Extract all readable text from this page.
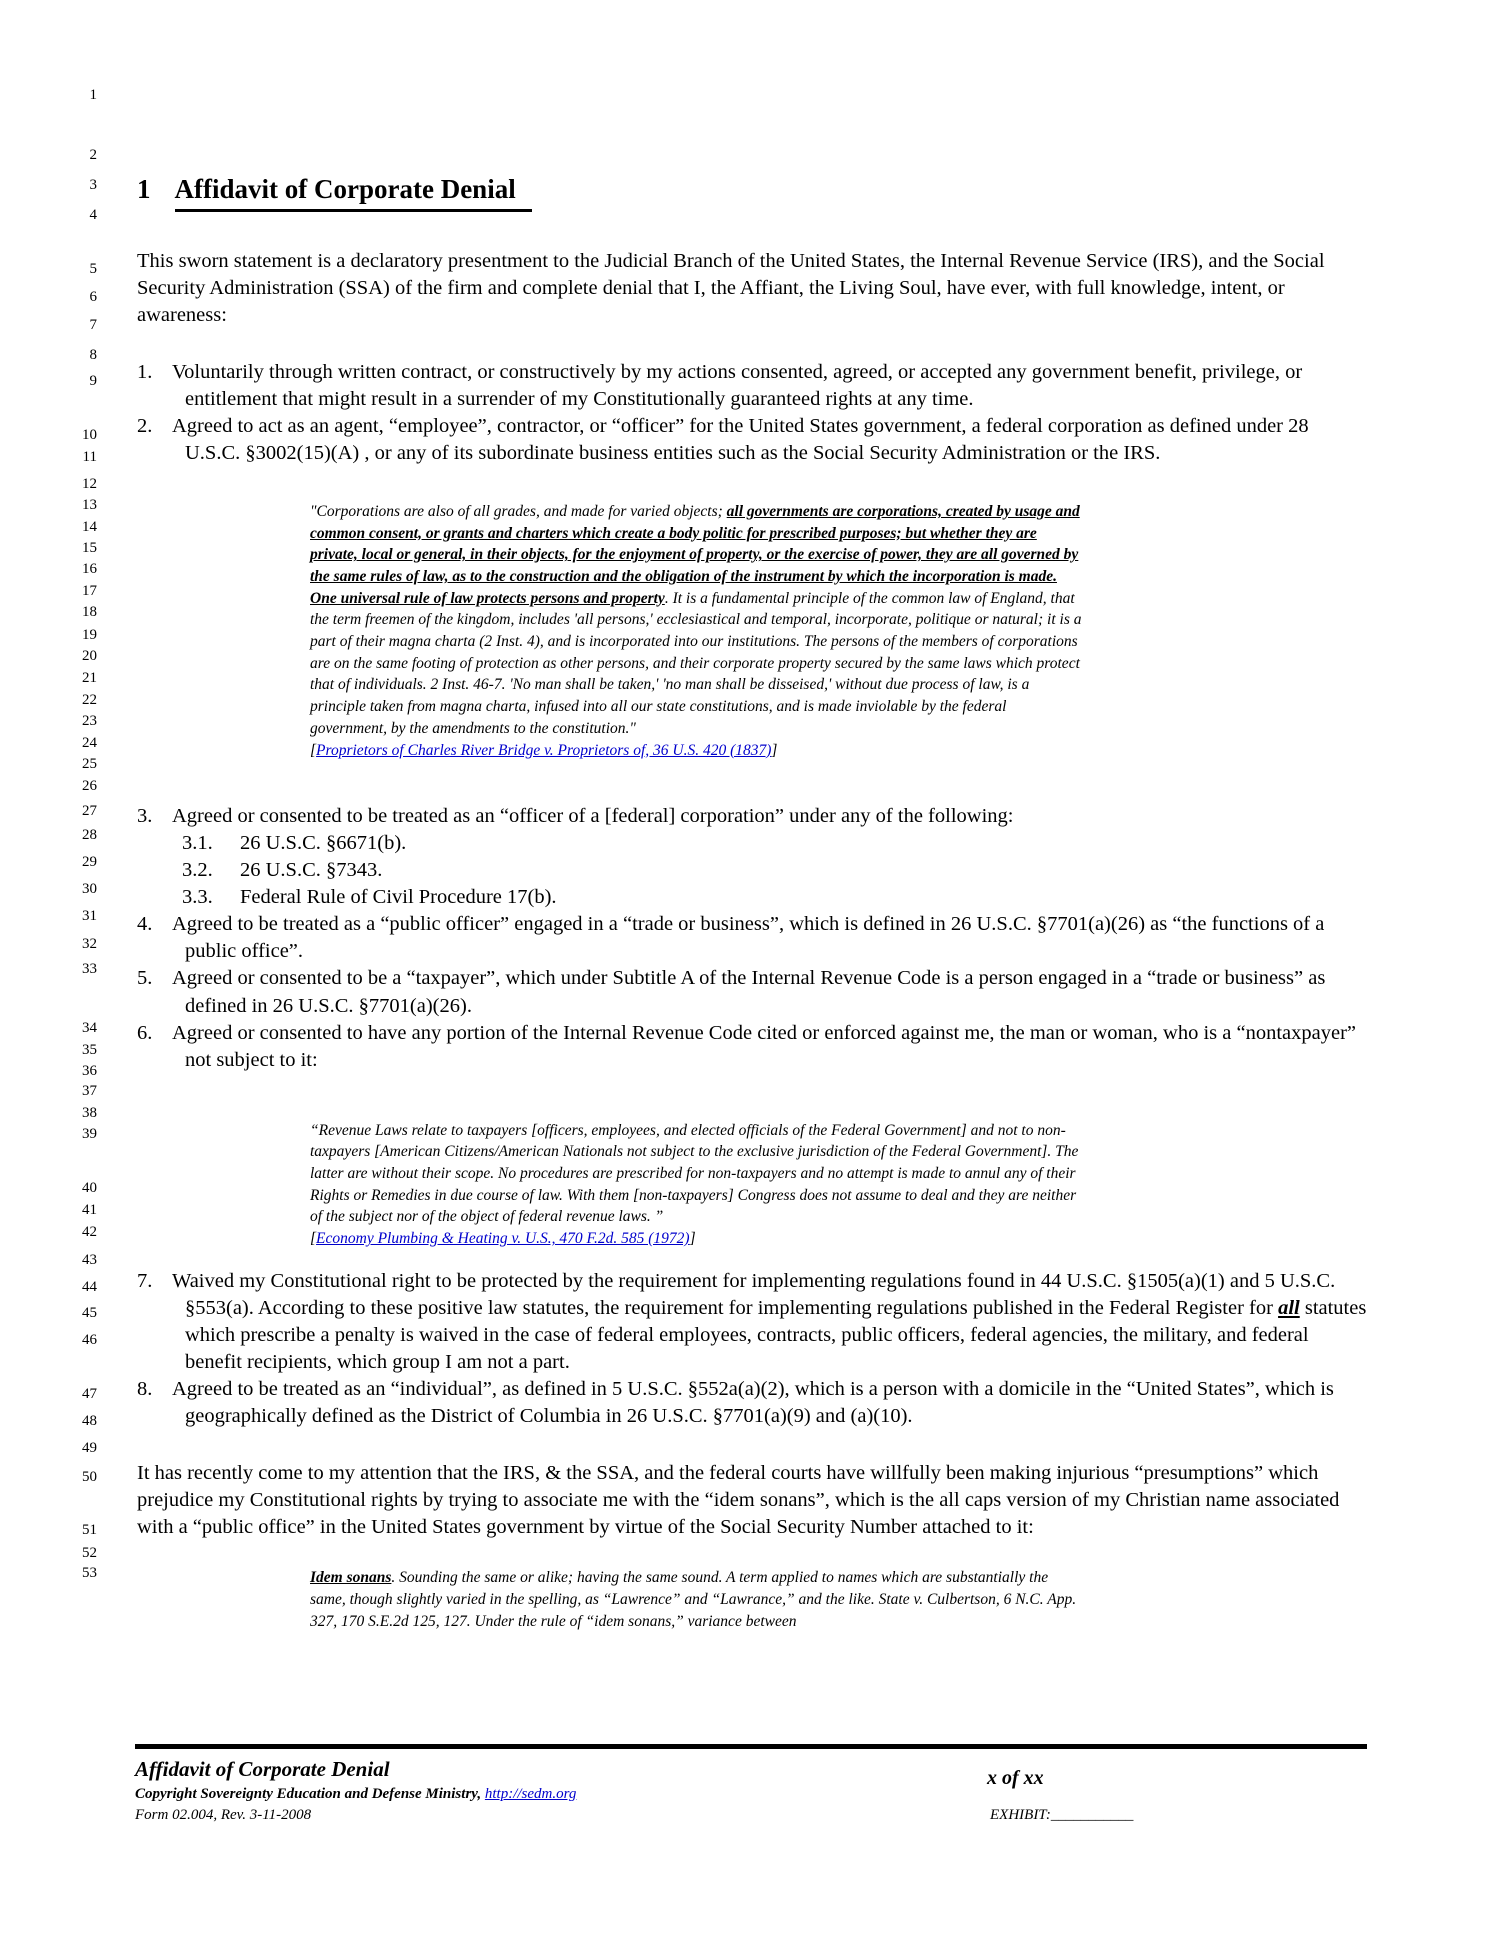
1
2
3
4
5
6
7
8
9
10
11
12
13
14
15
16
17
18
19
20
21
22
23
24
25
26
27
28
29
30
31
32
33
34
35
36
37
38
39
40
41
42
43
44
45
46
47
48
49
50
51
52
53
1 Affidavit of Corporate Denial

This sworn statement is a declaratory presentment to the Judicial Branch of the United States, the Internal Revenue Service (IRS), and the Social Security Administration (SSA) of the firm and complete denial that I, the Affiant, the Living Soul, have ever, with full knowledge, intent, or awareness:

1. Voluntarily through written contract, or constructively by my actions consented, agreed, or accepted any government benefit, privilege, or entitlement that might result in a surrender of my Constitutionally guaranteed rights at any time.
2. Agreed to act as an agent, “employee”, contractor, or “officer” for the United States government, a federal corporation as defined under 28 U.S.C. §3002(15)(A) , or any of its subordinate business entities such as the Social Security Administration or the IRS.
"Corporations are also of all grades, and made for varied objects; all governments are corporations, created by usage and common consent, or grants and charters which create a body politic for prescribed purposes; but whether they are private, local or general, in their objects, for the enjoyment of property, or the exercise of power, they are all governed by the same rules of law, as to the construction and the obligation of the instrument by which the incorporation is made. One universal rule of law protects persons and property. It is a fundamental principle of the common law of England, that the term freemen of the kingdom, includes 'all persons,' ecclesiastical and temporal, incorporate, politique or natural; it is a part of their magna charta (2 Inst. 4), and is incorporated into our institutions. The persons of the members of corporations are on the same footing of protection as other persons, and their corporate property secured by the same laws which protect that of individuals. 2 Inst. 46-7. 'No man shall be taken,' 'no man shall be disseised,' without due process of law, is a principle taken from magna charta, infused into all our state constitutions, and is made inviolable by the federal government, by the amendments to the constitution."
[Proprietors of Charles River Bridge v. Proprietors of, 36 U.S. 420 (1837)]
3. Agreed or consented to be treated as an “officer of a [federal] corporation” under any of the following:
3.1.	26 U.S.C. §6671(b).
3.2.	26 U.S.C. §7343.
3.3.	Federal Rule of Civil Procedure 17(b).
4. Agreed to be treated as a “public officer” engaged in a “trade or business”, which is defined in 26 U.S.C. §7701(a)(26) as “the functions of a public office”.
5. Agreed or consented to be a “taxpayer”, which under Subtitle A of the Internal Revenue Code is a person engaged in a “trade or business” as defined in 26 U.S.C. §7701(a)(26).
6. Agreed or consented to have any portion of the Internal Revenue Code cited or enforced against me, the man or woman, who is a “nontaxpayer” not subject to it:
“Revenue Laws relate to taxpayers [officers, employees, and elected officials of the Federal Government] and not to non-taxpayers [American Citizens/American Nationals not subject to the exclusive jurisdiction of the Federal Government]. The latter are without their scope. No procedures are prescribed for non-taxpayers and no attempt is made to annul any of their Rights or Remedies in due course of law. With them [non-taxpayers] Congress does not assume to deal and they are neither of the subject nor of the object of federal revenue laws. ”
[Economy Plumbing & Heating v. U.S., 470 F.2d. 585 (1972)]
7. Waived my Constitutional right to be protected by the requirement for implementing regulations found in 44 U.S.C. §1505(a)(1) and 5 U.S.C. §553(a). According to these positive law statutes, the requirement for implementing regulations published in the Federal Register for all statutes which prescribe a penalty is waived in the case of federal employees, contracts, public officers, federal agencies, the military, and federal benefit recipients, which group I am not a part.
8. Agreed to be treated as an “individual”, as defined in 5 U.S.C. §552a(a)(2), which is a person with a domicile in the “United States”, which is geographically defined as the District of Columbia in 26 U.S.C. §7701(a)(9) and (a)(10).

It has recently come to my attention that the IRS, & the SSA, and the federal courts have willfully been making injurious “presumptions” which prejudice my Constitutional rights by trying to associate me with the “idem sonans”, which is the all caps version of my Christian name associated with a “public office” in the United States government by virtue of the Social Security Number attached to it:

Idem sonans. Sounding the same or alike; having the same sound. A term applied to names which are substantially the same, though slightly varied in the spelling, as “Lawrence” and “Lawrance,” and the like. State v. Culbertson, 6 N.C. App. 327, 170 S.E.2d 125, 127. Under the rule of “idem sonans,” variance between
Affidavit of Corporate Denial	x of xx
Copyright Sovereignty Education and Defense Ministry, http://sedm.org
Form 02.004, Rev. 3-11-2008	EXHIBIT:___________
